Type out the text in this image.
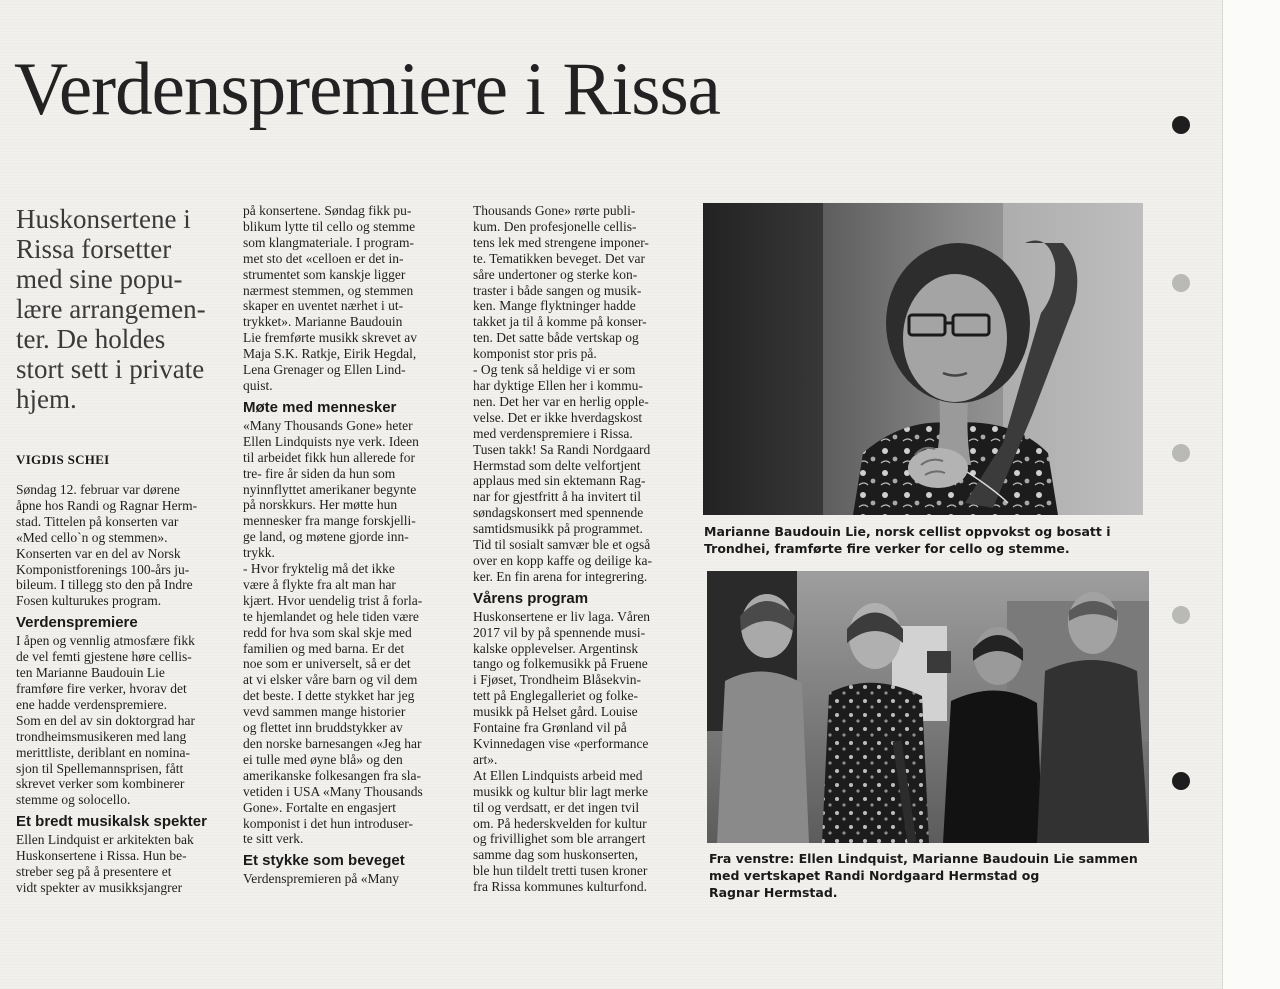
Verdenspremiere i Rissa
Huskonsertene i
Rissa forsetter
med sine popu-
lære arrangemen-
ter. De holdes
stort sett i private
hjem.
VIGDIS SCHEI
Søndag 12. februar var dørene
åpne hos Randi og Ragnar Herm-
stad. Tittelen på konserten var
«Med cello`n og stemmen».
Konserten var en del av Norsk
Komponistforenings 100-års ju-
bileum. I tillegg sto den på Indre
Fosen kulturukes program.
Verdenspremiere
I åpen og vennlig atmosfære fikk
de vel femti gjestene høre cellis-
ten Marianne Baudouin Lie
framføre fire verker, hvorav det
ene hadde verdenspremiere.
Som en del av sin doktorgrad har
trondheimsmusikeren med lang
merittliste, deriblant en nomina-
sjon til Spellemannsprisen, fått
skrevet verker som kombinerer
stemme og solocello.
Et bredt musikalsk spekter
Ellen Lindquist er arkitekten bak
Huskonsertene i Rissa. Hun be-
streber seg på å presentere et
vidt spekter av musikksjangrer
på konsertene. Søndag fikk pu-
blikum lytte til cello og stemme
som klangmateriale. I program-
met sto det «celloen er det in-
strumentet som kanskje ligger
nærmest stemmen, og stemmen
skaper en uventet nærhet i ut-
trykket». Marianne Baudouin
Lie fremførte musikk skrevet av
Maja S.K. Ratkje, Eirik Hegdal,
Lena Grenager og Ellen Lind-
quist.
Møte med mennesker
«Many Thousands Gone» heter
Ellen Lindquists nye verk. Ideen
til arbeidet fikk hun allerede for
tre- fire år siden da hun som
nyinnflyttet amerikaner begynte
på norskkurs. Her møtte hun
mennesker fra mange forskjelli-
ge land, og møtene gjorde inn-
trykk.
- Hvor fryktelig må det ikke
være å flykte fra alt man har
kjært. Hvor uendelig trist å forla-
te hjemlandet og hele tiden være
redd for hva som skal skje med
familien og med barna. Er det
noe som er universelt, så er det
at vi elsker våre barn og vil dem
det beste. I dette stykket har jeg
vevd sammen mange historier
og flettet inn bruddstykker av
den norske barnesangen «Jeg har
ei tulle med øyne blå» og den
amerikanske folkesangen fra sla-
vetiden i USA «Many Thousands
Gone». Fortalte en engasjert
komponist i det hun introduser-
te sitt verk.
Et stykke som beveget
Verdenspremieren på «Many
Thousands Gone» rørte publi-
kum. Den profesjonelle cellis-
tens lek med strengene imponer-
te. Tematikken beveget. Det var
såre undertoner og sterke kon-
traster i både sangen og musik-
ken. Mange flyktninger hadde
takket ja til å komme på konser-
ten. Det satte både vertskap og
komponist stor pris på.
- Og tenk så heldige vi er som
har dyktige Ellen her i kommu-
nen. Det her var en herlig opple-
velse. Det er ikke hverdagskost
med verdenspremiere i Rissa.
Tusen takk! Sa Randi Nordgaard
Hermstad som delte velfortjent
applaus med sin ektemann Rag-
nar for gjestfritt å ha invitert til
søndagskonsert med spennende
samtidsmusikk på programmet.
Tid til sosialt samvær ble et også
over en kopp kaffe og deilige ka-
ker. En fin arena for integrering.
Vårens program
Huskonsertene er liv laga. Våren
2017 vil by på spennende musi-
kalske opplevelser. Argentinsk
tango og folkemusikk på Fruene
i Fjøset, Trondheim Blåsekvin-
tett på Englegalleriet og folke-
musikk på Helset gård. Louise
Fontaine fra Grønland vil på
Kvinnedagen vise «performance
art».
At Ellen Lindquists arbeid med
musikk og kultur blir lagt merke
til og verdsatt, er det ingen tvil
om. På hederskvelden for kultur
og frivillighet som ble arrangert
samme dag som huskonserten,
ble hun tildelt tretti tusen kroner
fra Rissa kommunes kulturfond.
Marianne Baudouin Lie, norsk cellist oppvokst og bosatt i
Trondhei, framførte fire verker for cello og stemme.
Fra venstre: Ellen Lindquist, Marianne Baudouin Lie sammen
med vertskapet Randi Nordgaard Hermstad og
Ragnar Hermstad.
